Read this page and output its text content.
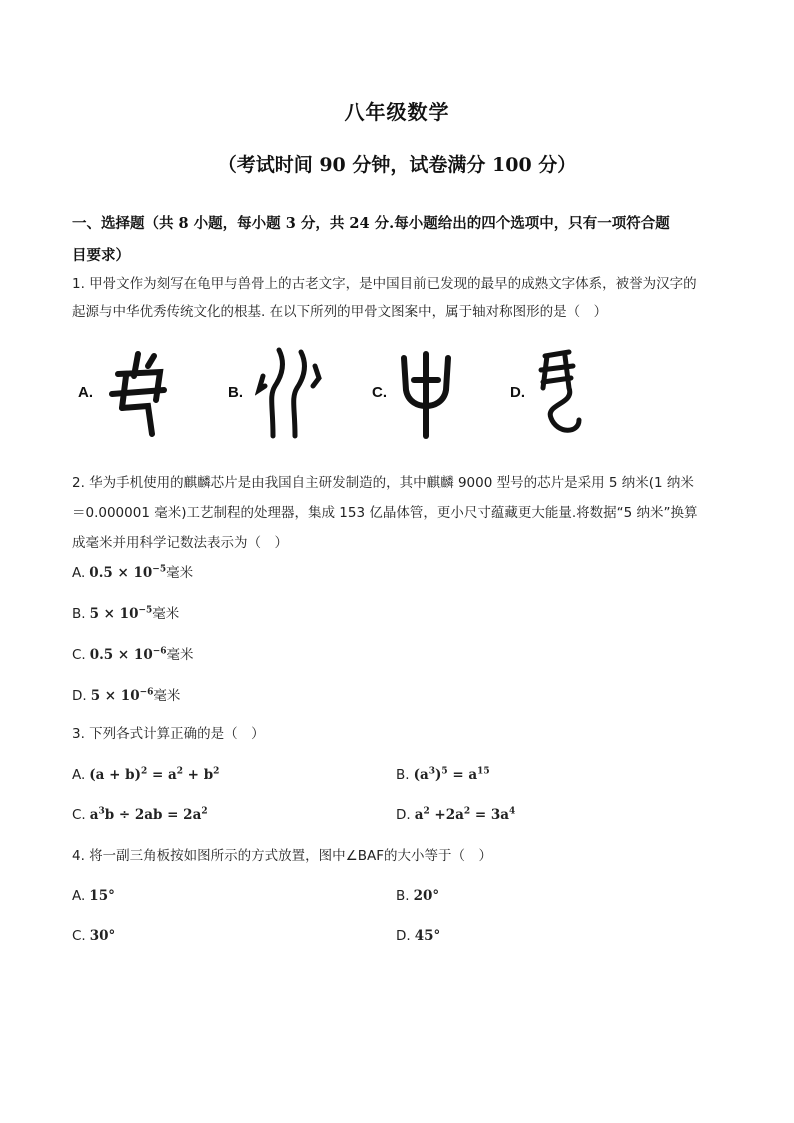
八年级数学
（考试时间 90 分钟，试卷满分 100 分）
一、选择题（共 8 小题，每小题 3 分，共 24 分.每小题给出的四个选项中，只有一项符合题
目要求）
1. 甲骨文作为刻写在龟甲与兽骨上的古老文字，是中国目前已发现的最早的成熟文字体系，被誉为汉字的
起源与中华优秀传统文化的根基. 在以下所列的甲骨文图案中，属于轴对称图形的是（　）
A.	B.	C.	D.
2. 华为手机使用的麒麟芯片是由我国自主研发制造的，其中麒麟 9000 型号的芯片是采用 5 纳米(1 纳米
＝0.000001 毫米)工艺制程的处理器，集成 153 亿晶体管，更小尺寸蕴藏更大能量.将数据“5 纳米”换算
成毫米并用科学记数法表示为（　）
A. $0.5 \times 10^{-5}$毫米
B. $5 \times 10^{-5}$毫米
C. $0.5 \times 10^{-6}$毫米
D. $5 \times 10^{-6}$毫米
3. 下列各式计算正确的是（　）
A. $(a + b)^2 = a^2 + b^2$	B. $(a^3)^5 = a^{15}$
C. $a^3b \div 2ab = 2a^2$	D. $a^2 +2a^2 = 3a^4$
4. 将一副三角板按如图所示的方式放置，图中∠BAF的大小等于（　）
A. 15°	B. 20°
C. 30°	D. 45°
